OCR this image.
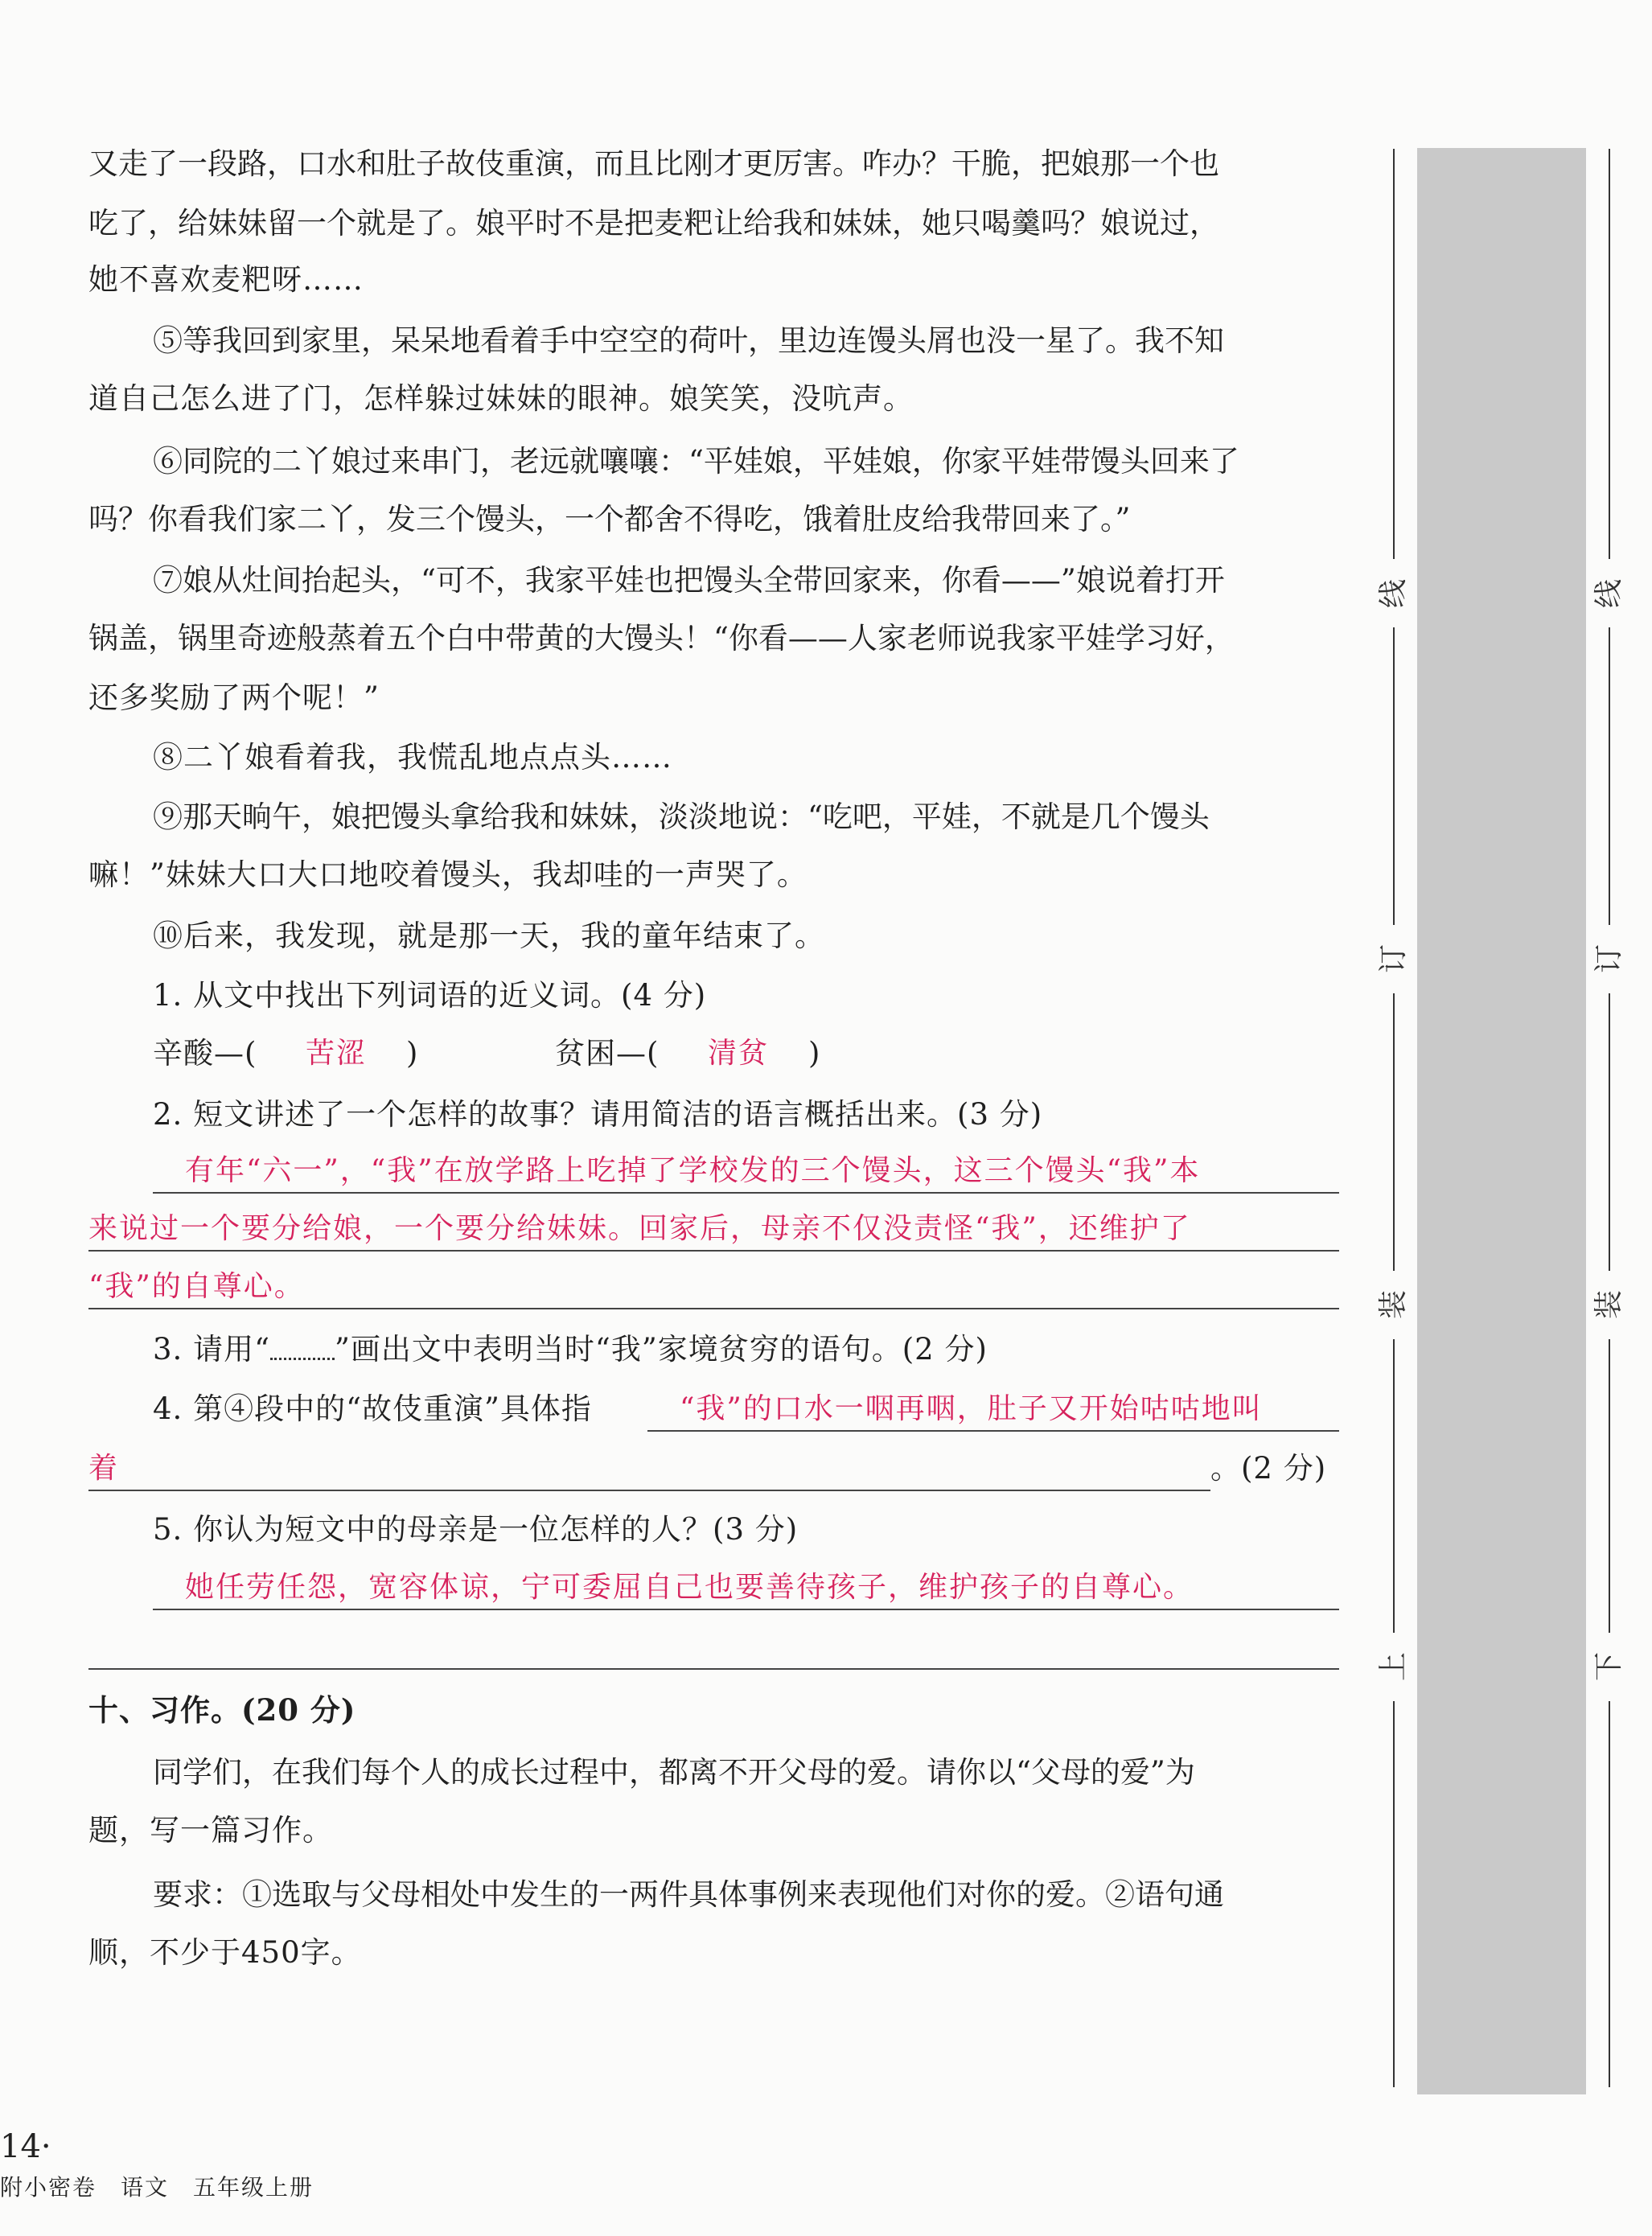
又走了一段路，口水和肚子故伎重演，而且比刚才更厉害。咋办？干脆，把娘那一个也
吃了，给妹妹留一个就是了。娘平时不是把麦粑让给我和妹妹，她只喝羹吗？娘说过，
她不喜欢麦粑呀……
⑤等我回到家里，呆呆地看着手中空空的荷叶，里边连馒头屑也没一星了。我不知
道自己怎么进了门，怎样躲过妹妹的眼神。娘笑笑，没吭声。
⑥同院的二丫娘过来串门，老远就嚷嚷：“平娃娘，平娃娘，你家平娃带馒头回来了
吗？你看我们家二丫，发三个馒头，一个都舍不得吃，饿着肚皮给我带回来了。”
⑦娘从灶间抬起头，“可不，我家平娃也把馒头全带回家来，你看——”娘说着打开
锅盖，锅里奇迹般蒸着五个白中带黄的大馒头！“你看——人家老师说我家平娃学习好，
还多奖励了两个呢！”
⑧二丫娘看着我，我慌乱地点点头……
⑨那天晌午，娘把馒头拿给我和妹妹，淡淡地说：“吃吧，平娃，不就是几个馒头
嘛！”妹妹大口大口地咬着馒头，我却哇的一声哭了。
⑩后来，我发现，就是那一天，我的童年结束了。
1. 从文中找出下列词语的近义词。(4 分)
辛酸—(	苦涩 )	贫困—(	清贫 )
2. 短文讲述了一个怎样的故事？请用简洁的语言概括出来。(3 分)
有年“六一”，“我”在放学路上吃掉了学校发的三个馒头，这三个馒头“我”本
来说过一个要分给娘，一个要分给妹妹。回家后，母亲不仅没责怪“我”，还维护了
“我”的自尊心。
3. 请用“ ”画出文中表明当时“我”家境贫穷的语句。(2 分)
4. 第④段中的“故伎重演”具体指	“我”的口水一咽再咽，肚子又开始咕咕地叫
着	。(2 分)
5. 你认为短文中的母亲是一位怎样的人？(3 分)
她任劳任怨，宽容体谅，宁可委屈自己也要善待孩子，维护孩子的自尊心。
十、习作。(20 分)
同学们，在我们每个人的成长过程中，都离不开父母的爱。请你以“父母的爱”为
题，写一篇习作。
要求：①选取与父母相处中发生的一两件具体事例来表现他们对你的爱。②语句通
顺，不少于450字。
线
订
装
上
线
订
装
下
14·
附小密卷　语文　五年级上册
